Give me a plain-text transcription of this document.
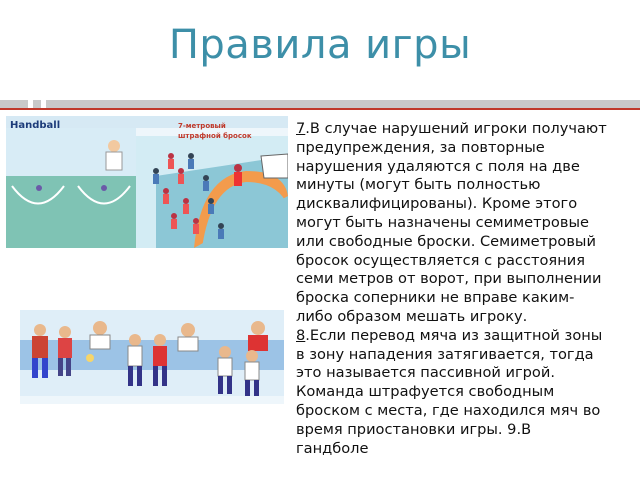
Правила игры
Handball	7-метровый
штрафной бросок	7.В случае нарушений игроки получают предупреждения, за повторные нарушения удаляются с поля на две минуты (могут быть полностью дисквалифицированы). Кроме этого могут быть назначены семиметровые или свободные броски. Семиметровый бросок осуществляется с расстояния семи метров от ворот, при выполнении броска соперники не вправе каким-либо образом мешать игроку.
8.Если перевод мяча из защитной зоны в зону нападения затягивается, тогда это называется пассивной игрой. Команда штрафуется свободным броском с места, где находился мяч во время приостановки игры. 9.В гандболе
